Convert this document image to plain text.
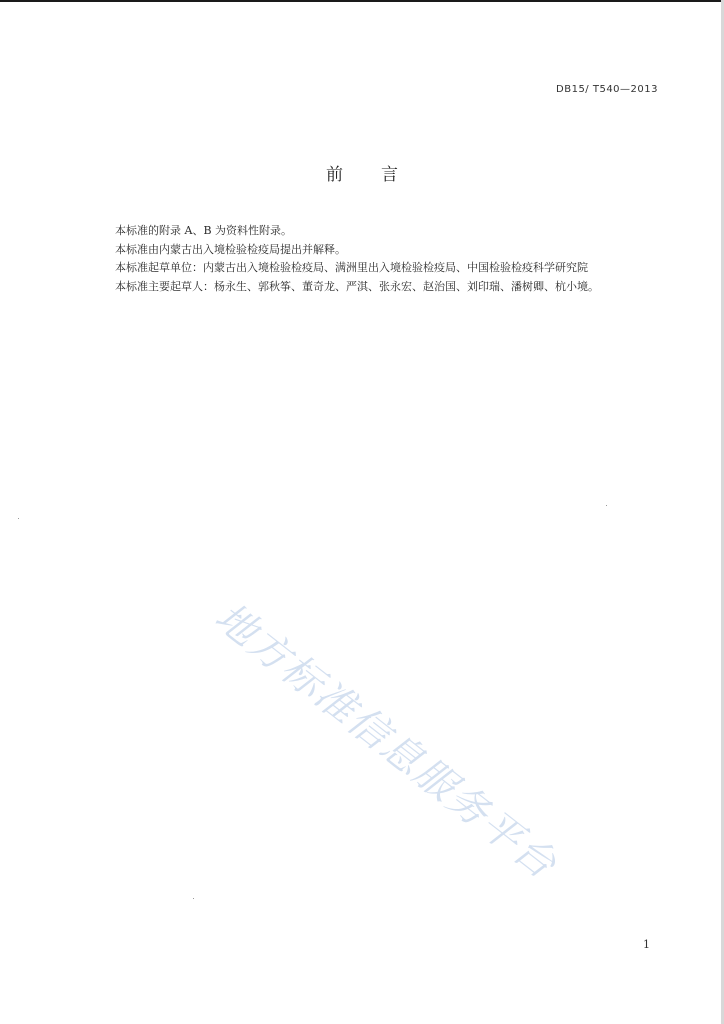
DB15/ T540—2013
前言

本标准的附录 A、B 为资料性附录。

本标准由内蒙古出入境检验检疫局提出并解释。

本标准起草单位：内蒙古出入境检验检疫局、满洲里出入境检验检疫局、中国检验检疫科学研究院

本标准主要起草人：杨永生、郭秋筝、董奇龙、严淇、张永宏、赵治国、刘印瑞、潘树卿、杭小境。

地方标准信息服务平台
1
